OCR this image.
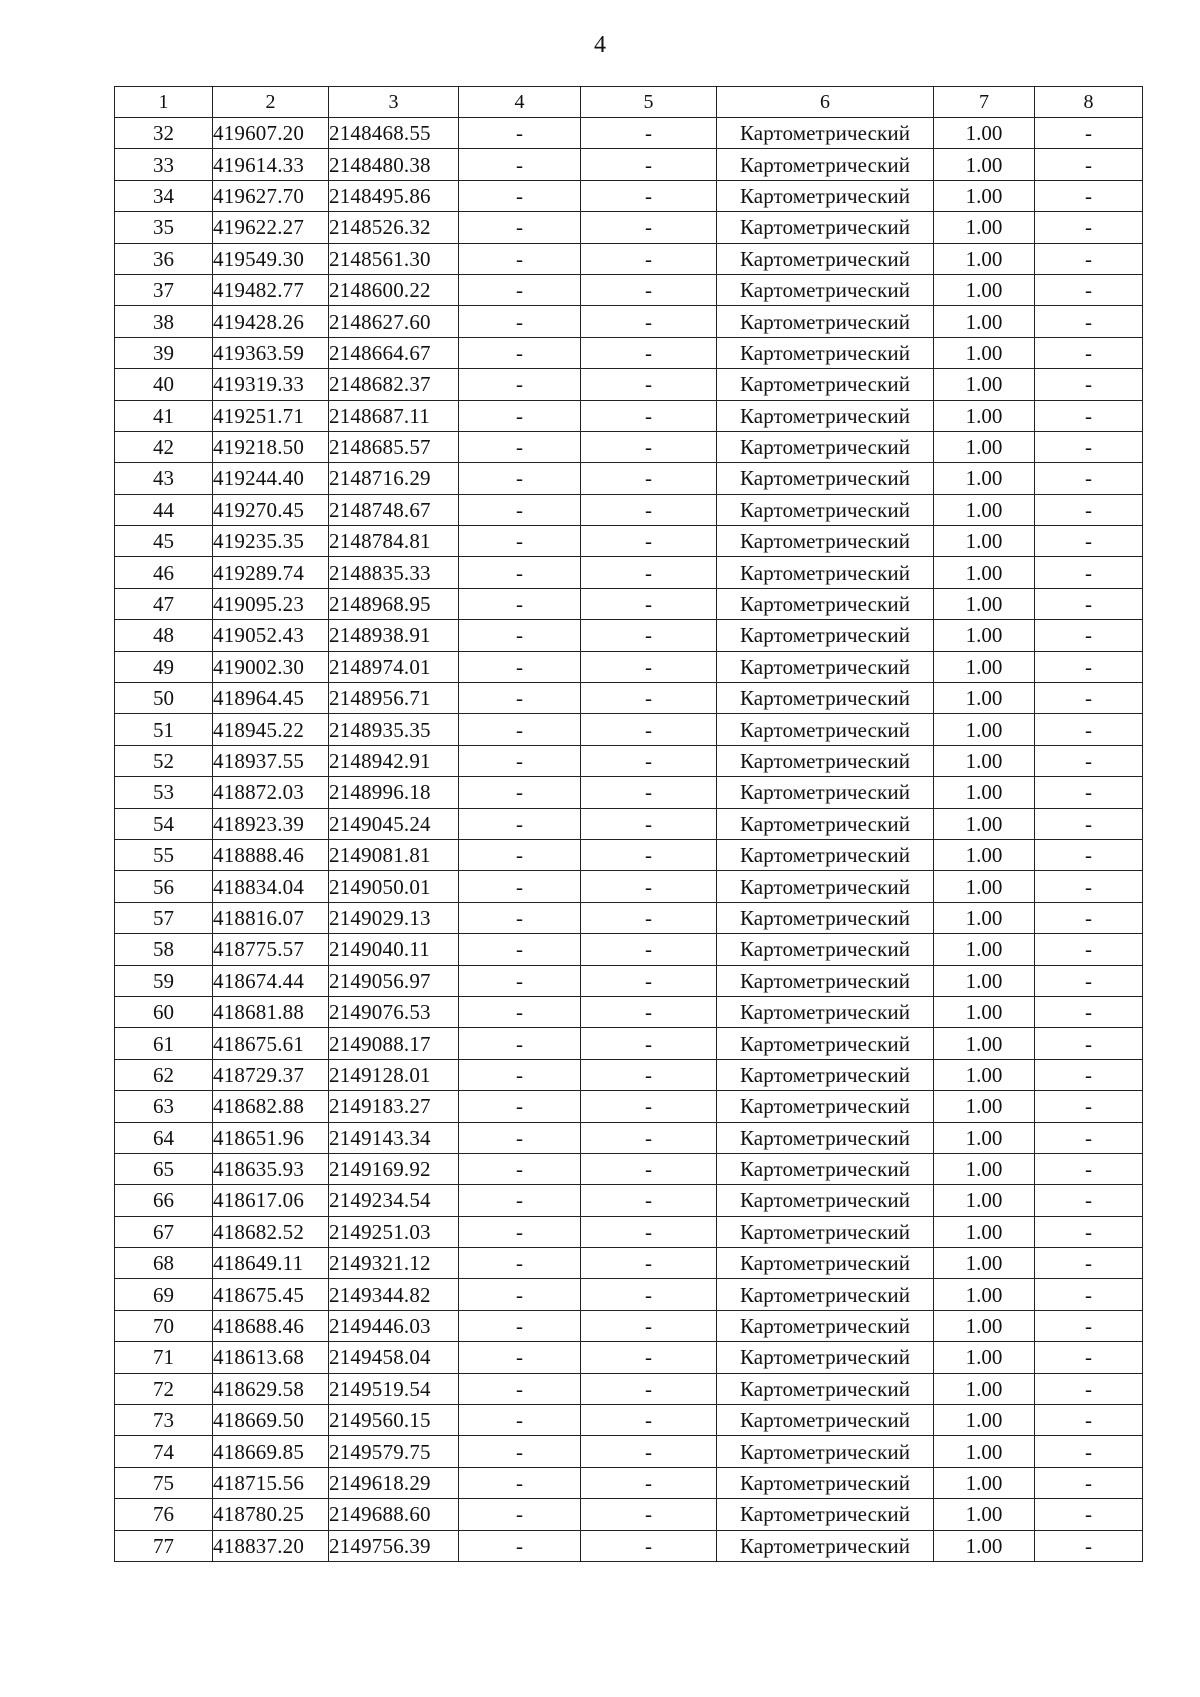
4
1	2	3	4	5	6	7	8
32	419607.20	2148468.55	-	-	Картометрический	1.00	-
33	419614.33	2148480.38	-	-	Картометрический	1.00	-
34	419627.70	2148495.86	-	-	Картометрический	1.00	-
35	419622.27	2148526.32	-	-	Картометрический	1.00	-
36	419549.30	2148561.30	-	-	Картометрический	1.00	-
37	419482.77	2148600.22	-	-	Картометрический	1.00	-
38	419428.26	2148627.60	-	-	Картометрический	1.00	-
39	419363.59	2148664.67	-	-	Картометрический	1.00	-
40	419319.33	2148682.37	-	-	Картометрический	1.00	-
41	419251.71	2148687.11	-	-	Картометрический	1.00	-
42	419218.50	2148685.57	-	-	Картометрический	1.00	-
43	419244.40	2148716.29	-	-	Картометрический	1.00	-
44	419270.45	2148748.67	-	-	Картометрический	1.00	-
45	419235.35	2148784.81	-	-	Картометрический	1.00	-
46	419289.74	2148835.33	-	-	Картометрический	1.00	-
47	419095.23	2148968.95	-	-	Картометрический	1.00	-
48	419052.43	2148938.91	-	-	Картометрический	1.00	-
49	419002.30	2148974.01	-	-	Картометрический	1.00	-
50	418964.45	2148956.71	-	-	Картометрический	1.00	-
51	418945.22	2148935.35	-	-	Картометрический	1.00	-
52	418937.55	2148942.91	-	-	Картометрический	1.00	-
53	418872.03	2148996.18	-	-	Картометрический	1.00	-
54	418923.39	2149045.24	-	-	Картометрический	1.00	-
55	418888.46	2149081.81	-	-	Картометрический	1.00	-
56	418834.04	2149050.01	-	-	Картометрический	1.00	-
57	418816.07	2149029.13	-	-	Картометрический	1.00	-
58	418775.57	2149040.11	-	-	Картометрический	1.00	-
59	418674.44	2149056.97	-	-	Картометрический	1.00	-
60	418681.88	2149076.53	-	-	Картометрический	1.00	-
61	418675.61	2149088.17	-	-	Картометрический	1.00	-
62	418729.37	2149128.01	-	-	Картометрический	1.00	-
63	418682.88	2149183.27	-	-	Картометрический	1.00	-
64	418651.96	2149143.34	-	-	Картометрический	1.00	-
65	418635.93	2149169.92	-	-	Картометрический	1.00	-
66	418617.06	2149234.54	-	-	Картометрический	1.00	-
67	418682.52	2149251.03	-	-	Картометрический	1.00	-
68	418649.11	2149321.12	-	-	Картометрический	1.00	-
69	418675.45	2149344.82	-	-	Картометрический	1.00	-
70	418688.46	2149446.03	-	-	Картометрический	1.00	-
71	418613.68	2149458.04	-	-	Картометрический	1.00	-
72	418629.58	2149519.54	-	-	Картометрический	1.00	-
73	418669.50	2149560.15	-	-	Картометрический	1.00	-
74	418669.85	2149579.75	-	-	Картометрический	1.00	-
75	418715.56	2149618.29	-	-	Картометрический	1.00	-
76	418780.25	2149688.60	-	-	Картометрический	1.00	-
77	418837.20	2149756.39	-	-	Картометрический	1.00	-
